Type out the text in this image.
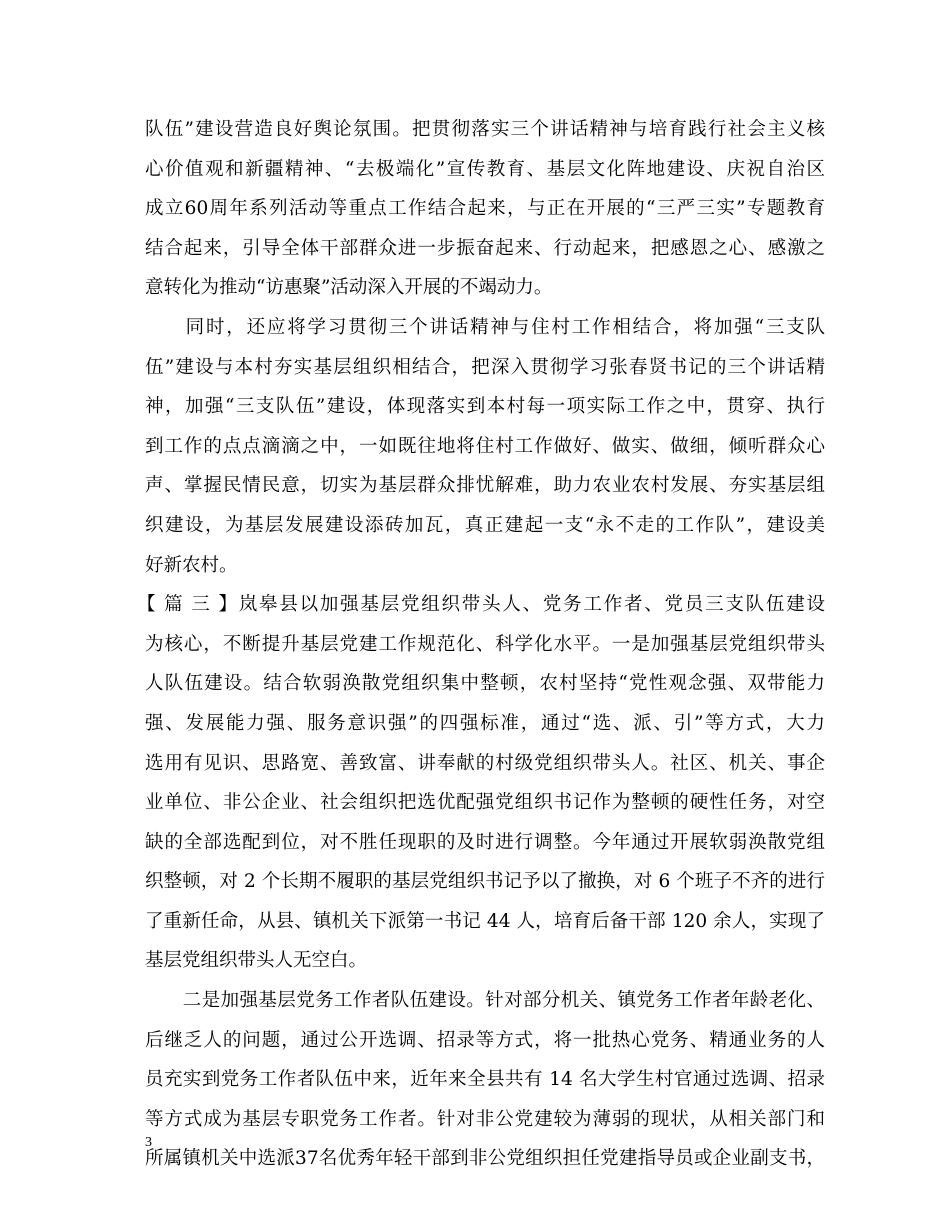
队伍”建设营造良好舆论氛围。把贯彻落实三个讲话精神与培育践行社会主义核
心价值观和新疆精神、“去极端化”宣传教育、基层文化阵地建设、庆祝自治区
成立60周年系列活动等重点工作结合起来，与正在开展的“三严三实”专题教育
结合起来，引导全体干部群众进一步振奋起来、行动起来，把感恩之心、感激之
意转化为推动“访惠聚”活动深入开展的不竭动力。
　　同时，还应将学习贯彻三个讲话精神与住村工作相结合，将加强“三支队
伍”建设与本村夯实基层组织相结合，把深入贯彻学习张春贤书记的三个讲话精
神，加强“三支队伍”建设，体现落实到本村每一项实际工作之中，贯穿、执行
到工作的点点滴滴之中，一如既往地将住村工作做好、做实、做细，倾听群众心
声、掌握民情民意，切实为基层群众排忧解难，助力农业农村发展、夯实基层组
织建设，为基层发展建设添砖加瓦，真正建起一支“永不走的工作队”，建设美
好新农村。
【篇三】岚皋县以加强基层党组织带头人、党务工作者、党员三支队伍建设
为核心，不断提升基层党建工作规范化、科学化水平。一是加强基层党组织带头
人队伍建设。结合软弱涣散党组织集中整顿，农村坚持“党性观念强、双带能力
强、发展能力强、服务意识强”的四强标准，通过“选、派、引”等方式，大力
选用有见识、思路宽、善致富、讲奉献的村级党组织带头人。社区、机关、事企
业单位、非公企业、社会组织把选优配强党组织书记作为整顿的硬性任务，对空
缺的全部选配到位，对不胜任现职的及时进行调整。今年通过开展软弱涣散党组
织整顿，对 2 个长期不履职的基层党组织书记予以了撤换，对 6 个班子不齐的进行
了重新任命，从县、镇机关下派第一书记 44 人，培育后备干部 120 余人，实现了
基层党组织带头人无空白。
　　二是加强基层党务工作者队伍建设。针对部分机关、镇党务工作者年龄老化、
后继乏人的问题，通过公开选调、招录等方式，将一批热心党务、精通业务的人
员充实到党务工作者队伍中来，近年来全县共有 14 名大学生村官通过选调、招录
等方式成为基层专职党务工作者。针对非公党建较为薄弱的现状，从相关部门和
所属镇机关中选派37名优秀年轻干部到非公党组织担任党建指导员或企业副支书，
3
